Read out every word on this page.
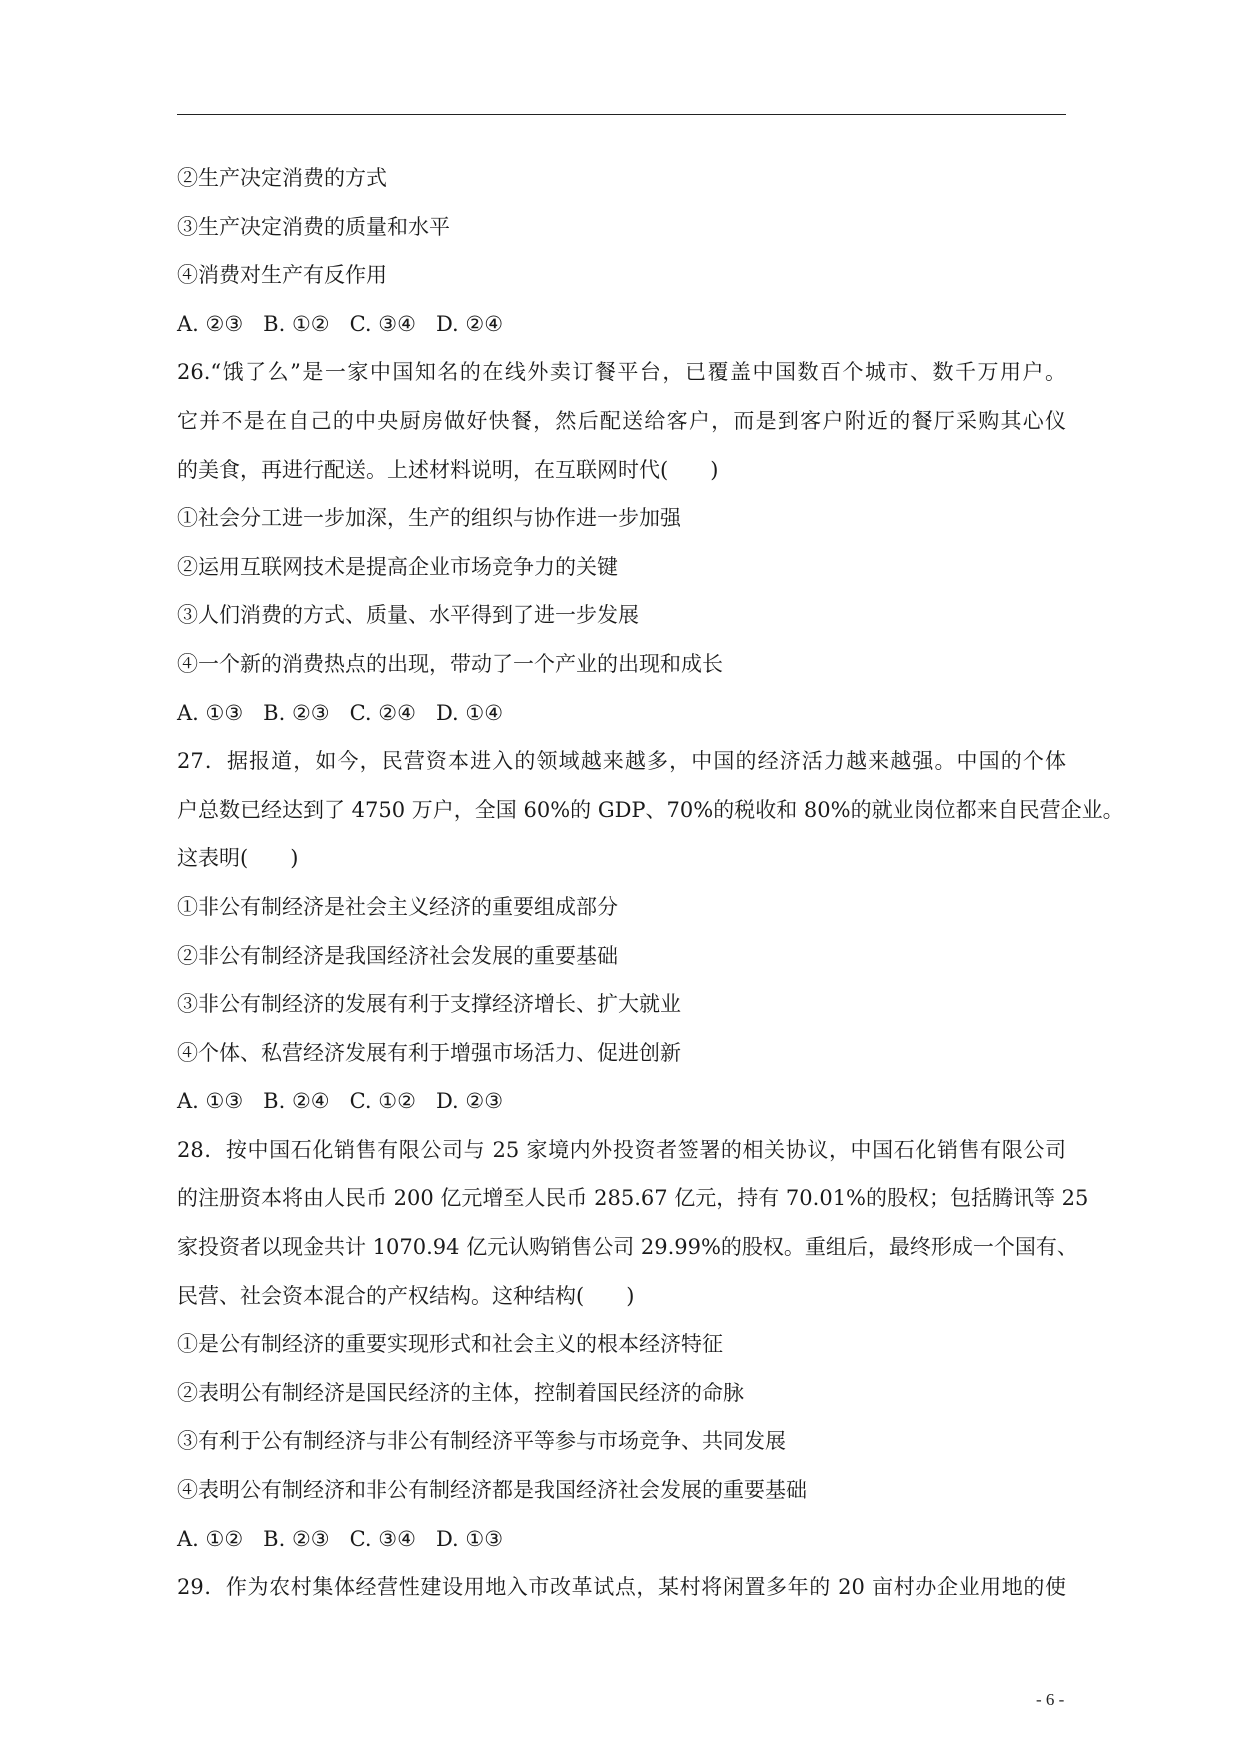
②生产决定消费的方式
③生产决定消费的质量和水平
④消费对生产有反作用
A. ②③ B. ①② C. ③④ D. ②④
26.“饿了么”是一家中国知名的在线外卖订餐平台，已覆盖中国数百个城市、数千万用户。
它并不是在自己的中央厨房做好快餐，然后配送给客户，而是到客户附近的餐厅采购其心仪
的美食，再进行配送。上述材料说明，在互联网时代(　　)
①社会分工进一步加深，生产的组织与协作进一步加强
②运用互联网技术是提高企业市场竞争力的关键
③人们消费的方式、质量、水平得到了进一步发展
④一个新的消费热点的出现，带动了一个产业的出现和成长
A. ①③ B. ②③ C. ②④ D. ①④
27．据报道，如今，民营资本进入的领域越来越多，中国的经济活力越来越强。中国的个体
户总数已经达到了 4750 万户，全国 60%的 GDP、70%的税收和 80%的就业岗位都来自民营企业。
这表明(　　)
①非公有制经济是社会主义经济的重要组成部分
②非公有制经济是我国经济社会发展的重要基础
③非公有制经济的发展有利于支撑经济增长、扩大就业
④个体、私营经济发展有利于增强市场活力、促进创新
A. ①③ B. ②④ C. ①② D. ②③
28．按中国石化销售有限公司与 25 家境内外投资者签署的相关协议，中国石化销售有限公司
的注册资本将由人民币 200 亿元增至人民币 285.67 亿元，持有 70.01%的股权；包括腾讯等 25
家投资者以现金共计 1070.94 亿元认购销售公司 29.99%的股权。重组后，最终形成一个国有、
民营、社会资本混合的产权结构。这种结构(　　)
①是公有制经济的重要实现形式和社会主义的根本经济特征
②表明公有制经济是国民经济的主体，控制着国民经济的命脉
③有利于公有制经济与非公有制经济平等参与市场竞争、共同发展
④表明公有制经济和非公有制经济都是我国经济社会发展的重要基础
A. ①② B. ②③ C. ③④ D. ①③
29．作为农村集体经营性建设用地入市改革试点，某村将闲置多年的 20 亩村办企业用地的使
- 6 -
